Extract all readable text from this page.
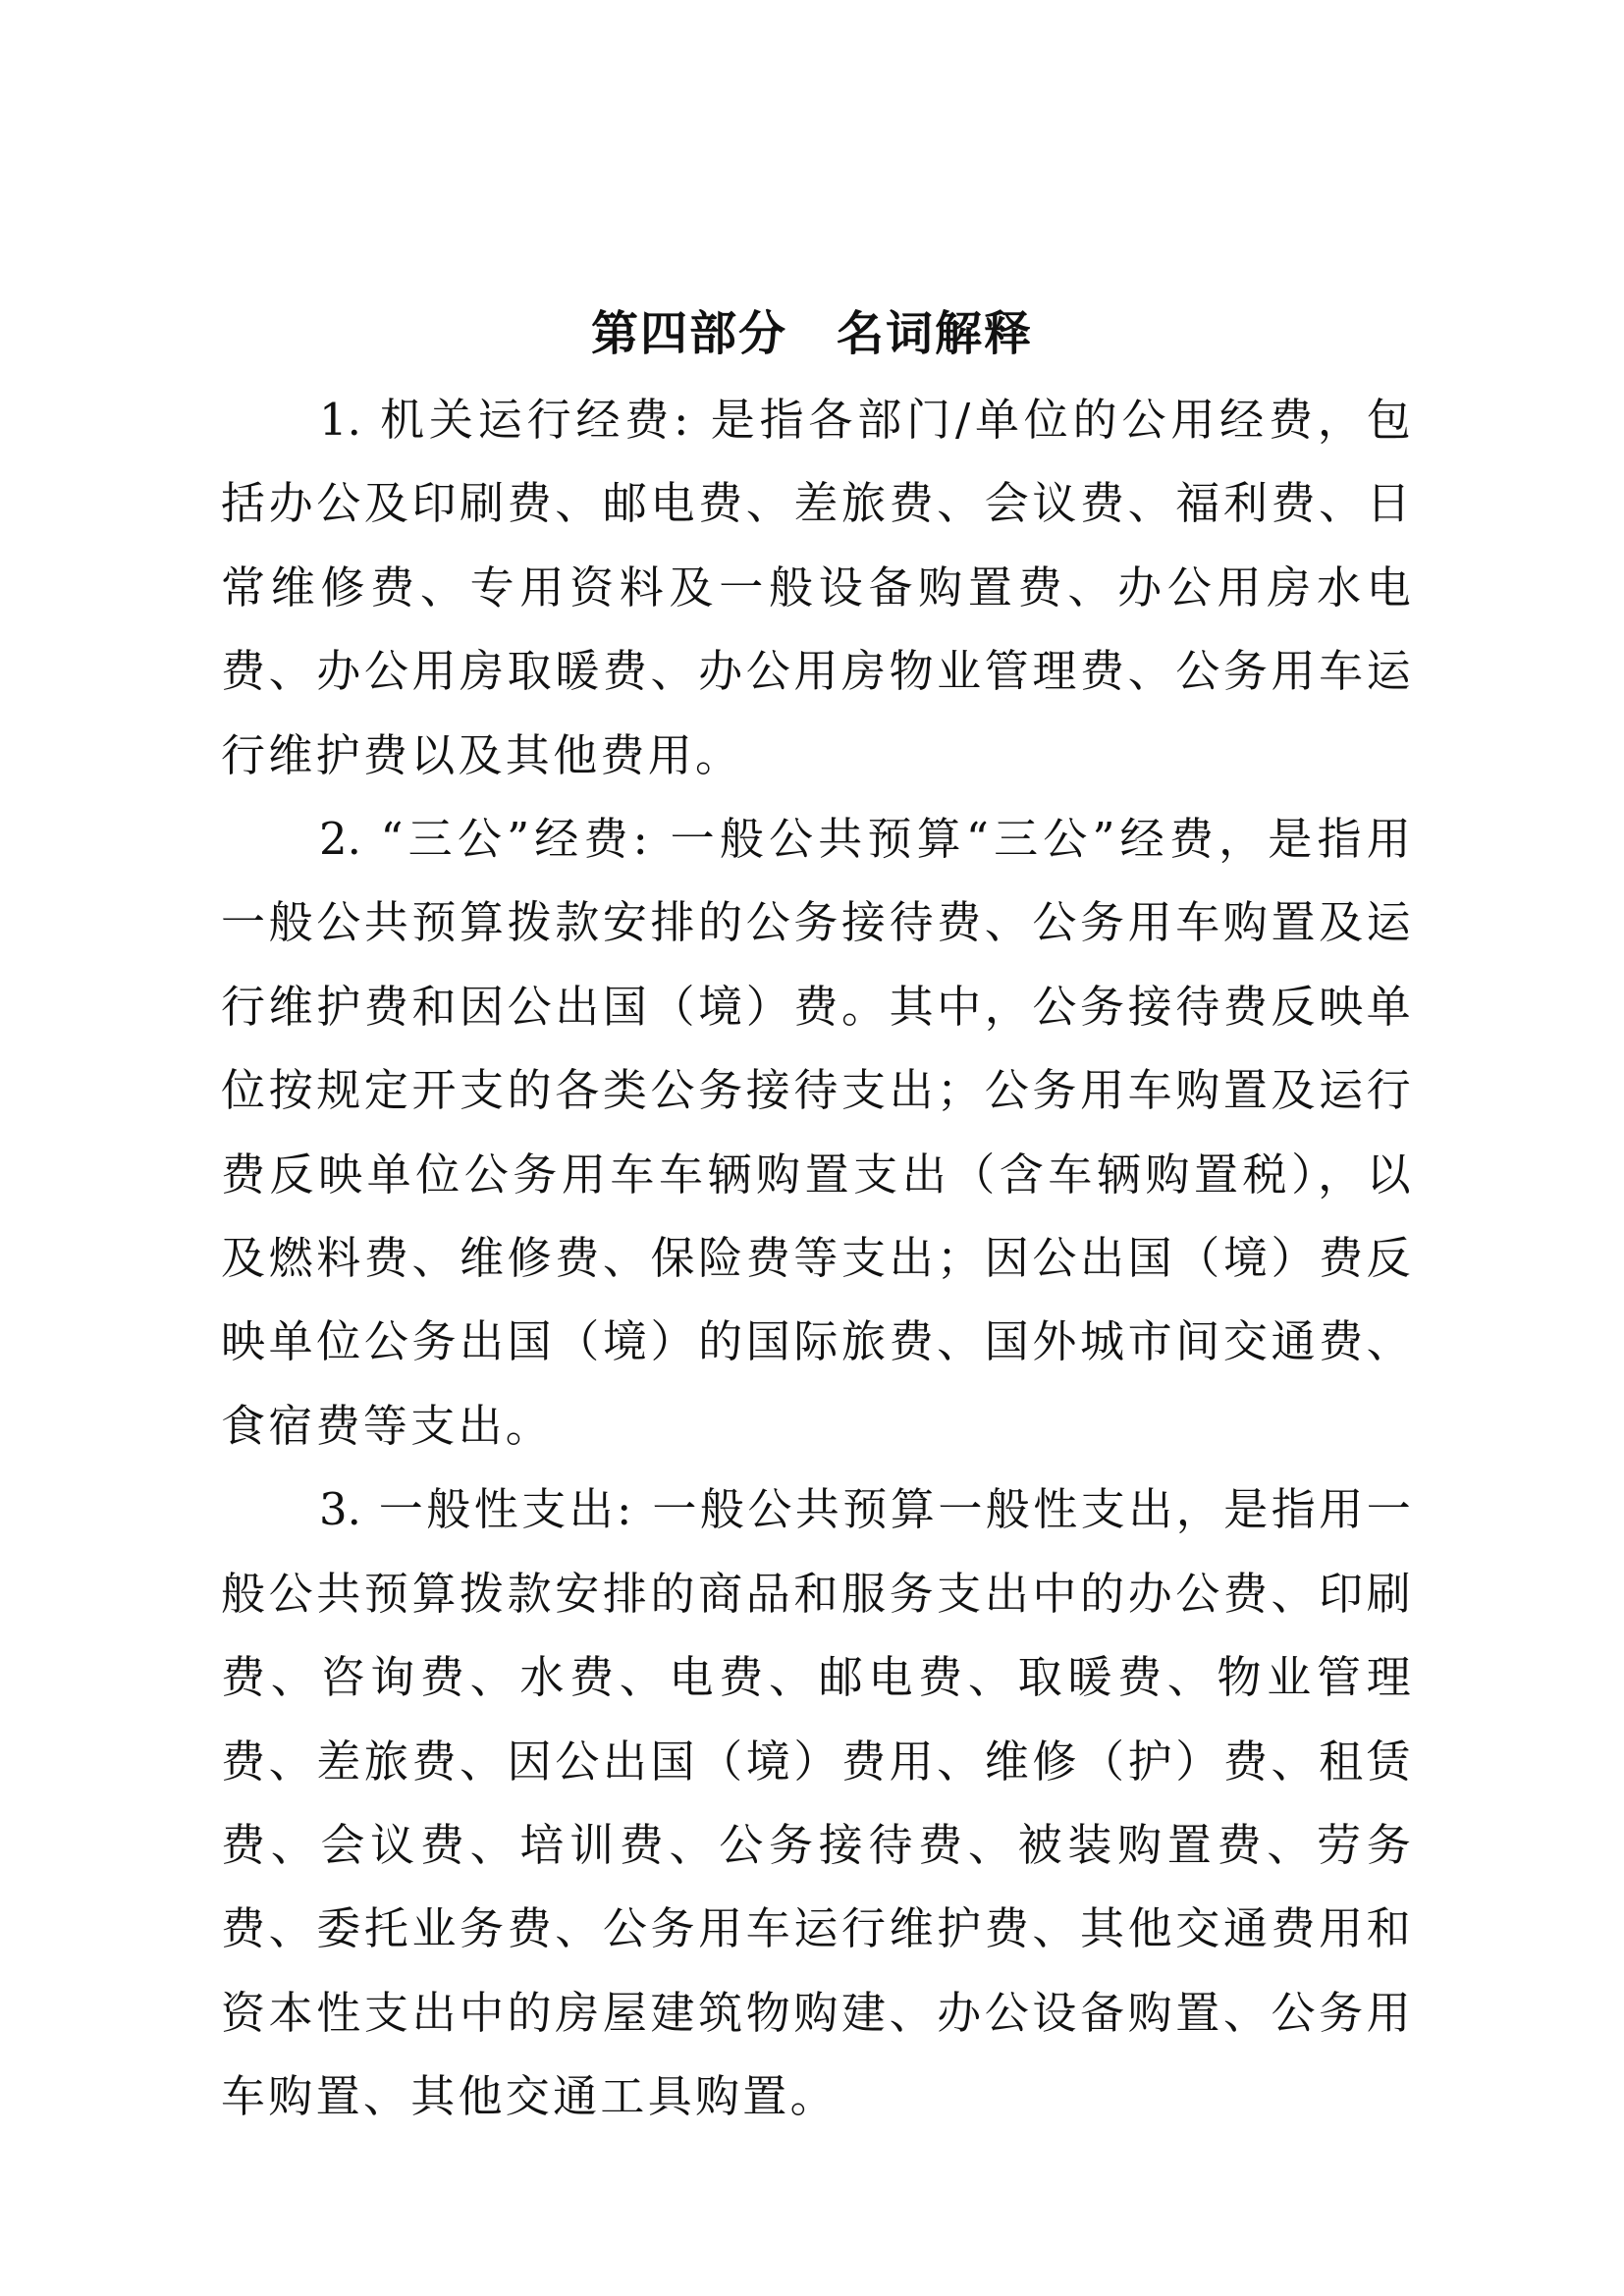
第四部分　名词解释

1. 机关运行经费: 是指各部门/单位的公用经费，包括办公及印刷费、邮电费、差旅费、会议费、福利费、日常维修费、专用资料及一般设备购置费、办公用房水电费、办公用房取暖费、办公用房物业管理费、公务用车运行维护费以及其他费用。

2. “三公”经费: 一般公共预算“三公”经费，是指用一般公共预算拨款安排的公务接待费、公务用车购置及运行维护费和因公出国（境）费。其中，公务接待费反映单位按规定开支的各类公务接待支出；公务用车购置及运行费反映单位公务用车车辆购置支出（含车辆购置税），以及燃料费、维修费、保险费等支出；因公出国（境）费反映单位公务出国（境）的国际旅费、国外城市间交通费、食宿费等支出。

3. 一般性支出: 一般公共预算一般性支出，是指用一般公共预算拨款安排的商品和服务支出中的办公费、印刷费、咨询费、水费、电费、邮电费、取暖费、物业管理费、差旅费、因公出国（境）费用、维修（护）费、租赁费、会议费、培训费、公务接待费、被装购置费、劳务费、委托业务费、公务用车运行维护费、其他交通费用和资本性支出中的房屋建筑物购建、办公设备购置、公务用车购置、其他交通工具购置。
